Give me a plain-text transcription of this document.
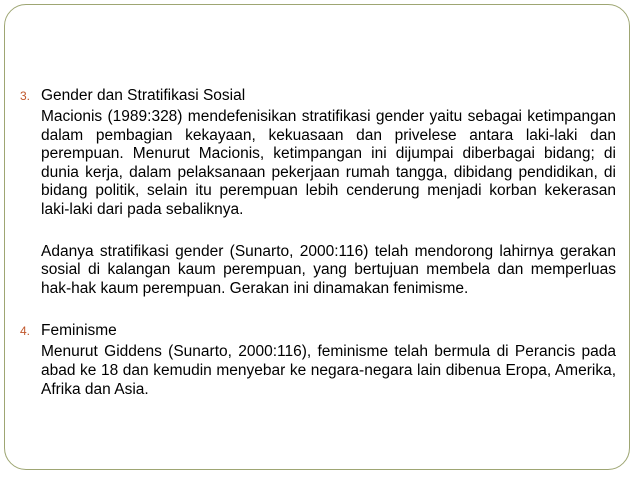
3. Gender dan Stratifikasi Sosial

Macionis (1989:328) mendefenisikan stratifikasi gender yaitu sebagai ketimpangan dalam pembagian kekayaan, kekuasaan dan privelese antara laki-laki dan perempuan. Menurut Macionis, ketimpangan ini dijumpai diberbagai bidang; di dunia kerja, dalam pelaksanaan pekerjaan rumah tangga, dibidang pendidikan, di bidang politik, selain itu perempuan lebih cenderung menjadi korban kekerasan laki-laki dari pada sebaliknya.

Adanya stratifikasi gender (Sunarto, 2000:116) telah mendorong lahirnya gerakan sosial di kalangan kaum perempuan, yang bertujuan membela dan memperluas hak-hak kaum perempuan. Gerakan ini dinamakan fenimisme.

4. Feminisme

Menurut Giddens (Sunarto, 2000:116), feminisme telah bermula di Perancis pada abad ke 18 dan kemudin menyebar ke negara-negara lain dibenua Eropa, Amerika, Afrika dan Asia.
